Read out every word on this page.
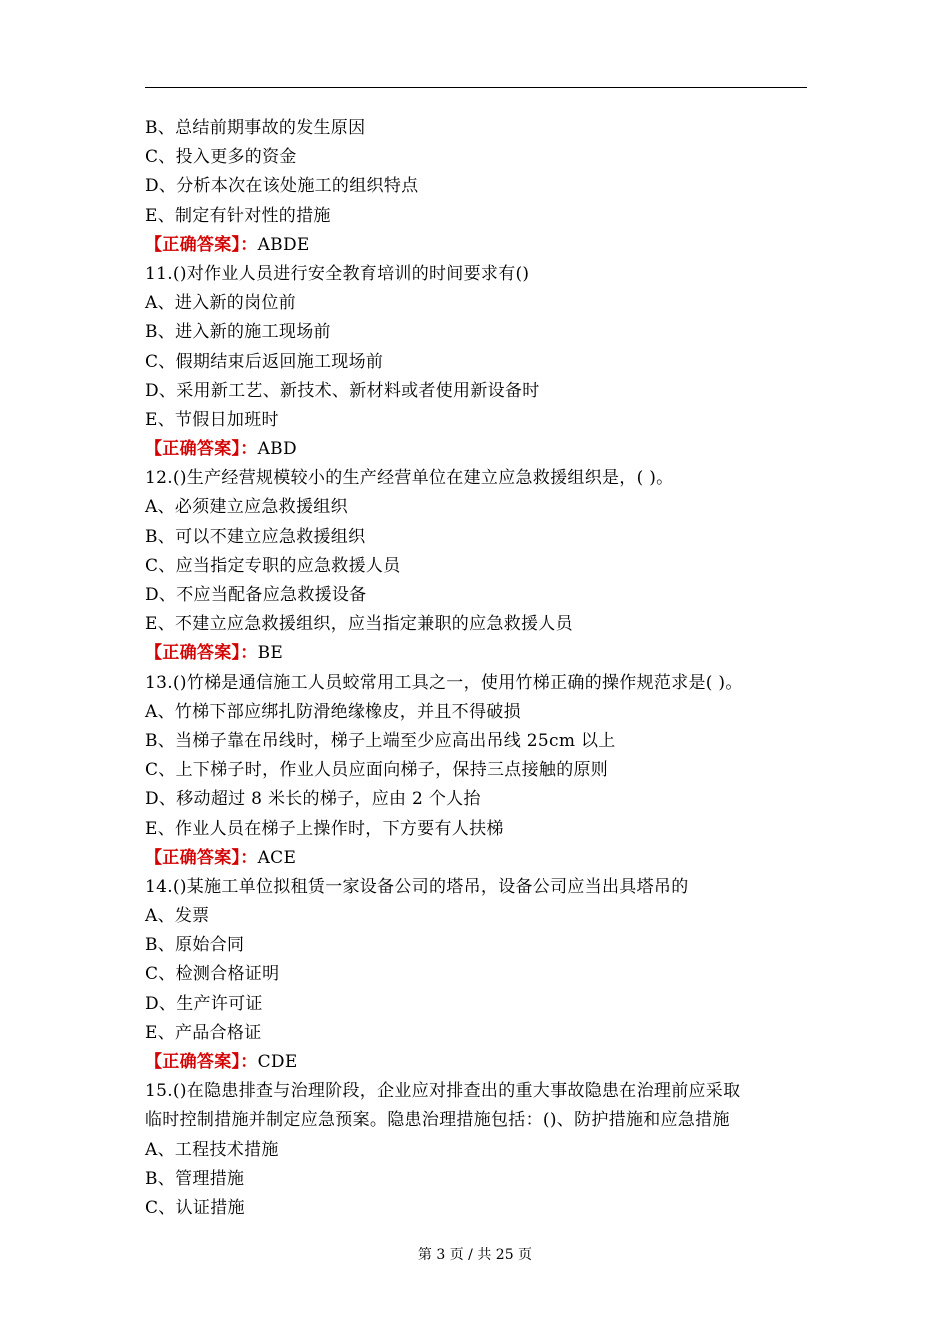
B、总结前期事故的发生原因
C、投入更多的资金
D、分析本次在该处施工的组织特点
E、制定有针对性的措施
【正确答案】：ABDE
11.()对作业人员进行安全教育培训的时间要求有()
A、进入新的岗位前
B、进入新的施工现场前
C、假期结束后返回施工现场前
D、采用新工艺、新技术、新材料或者使用新设备时
E、节假日加班时
【正确答案】：ABD
12.()生产经营规模较小的生产经营单位在建立应急救援组织是，( )。
A、必须建立应急救援组织
B、可以不建立应急救援组织
C、应当指定专职的应急救援人员
D、不应当配备应急救援设备
E、不建立应急救援组织，应当指定兼职的应急救援人员
【正确答案】：BE
13.()竹梯是通信施工人员蛟常用工具之一，使用竹梯正确的操作规范求是( )。
A、竹梯下部应绑扎防滑绝缘橡皮，并且不得破损
B、当梯子靠在吊线时，梯子上端至少应高出吊线 25cm 以上
C、上下梯子时，作业人员应面向梯子，保持三点接触的原则
D、移动超过 8 米长的梯子，应由 2 个人抬
E、作业人员在梯子上操作时，下方要有人扶梯
【正确答案】：ACE
14.()某施工单位拟租赁一家设备公司的塔吊，设备公司应当出具塔吊的
A、发票
B、原始合同
C、检测合格证明
D、生产许可证
E、产品合格证
【正确答案】：CDE
15.()在隐患排查与治理阶段，企业应对排查出的重大事故隐患在治理前应采取
临时控制措施并制定应急预案。隐患治理措施包括：()、防护措施和应急措施
A、工程技术措施
B、管理措施
C、认证措施
第 3 页 / 共 25 页
